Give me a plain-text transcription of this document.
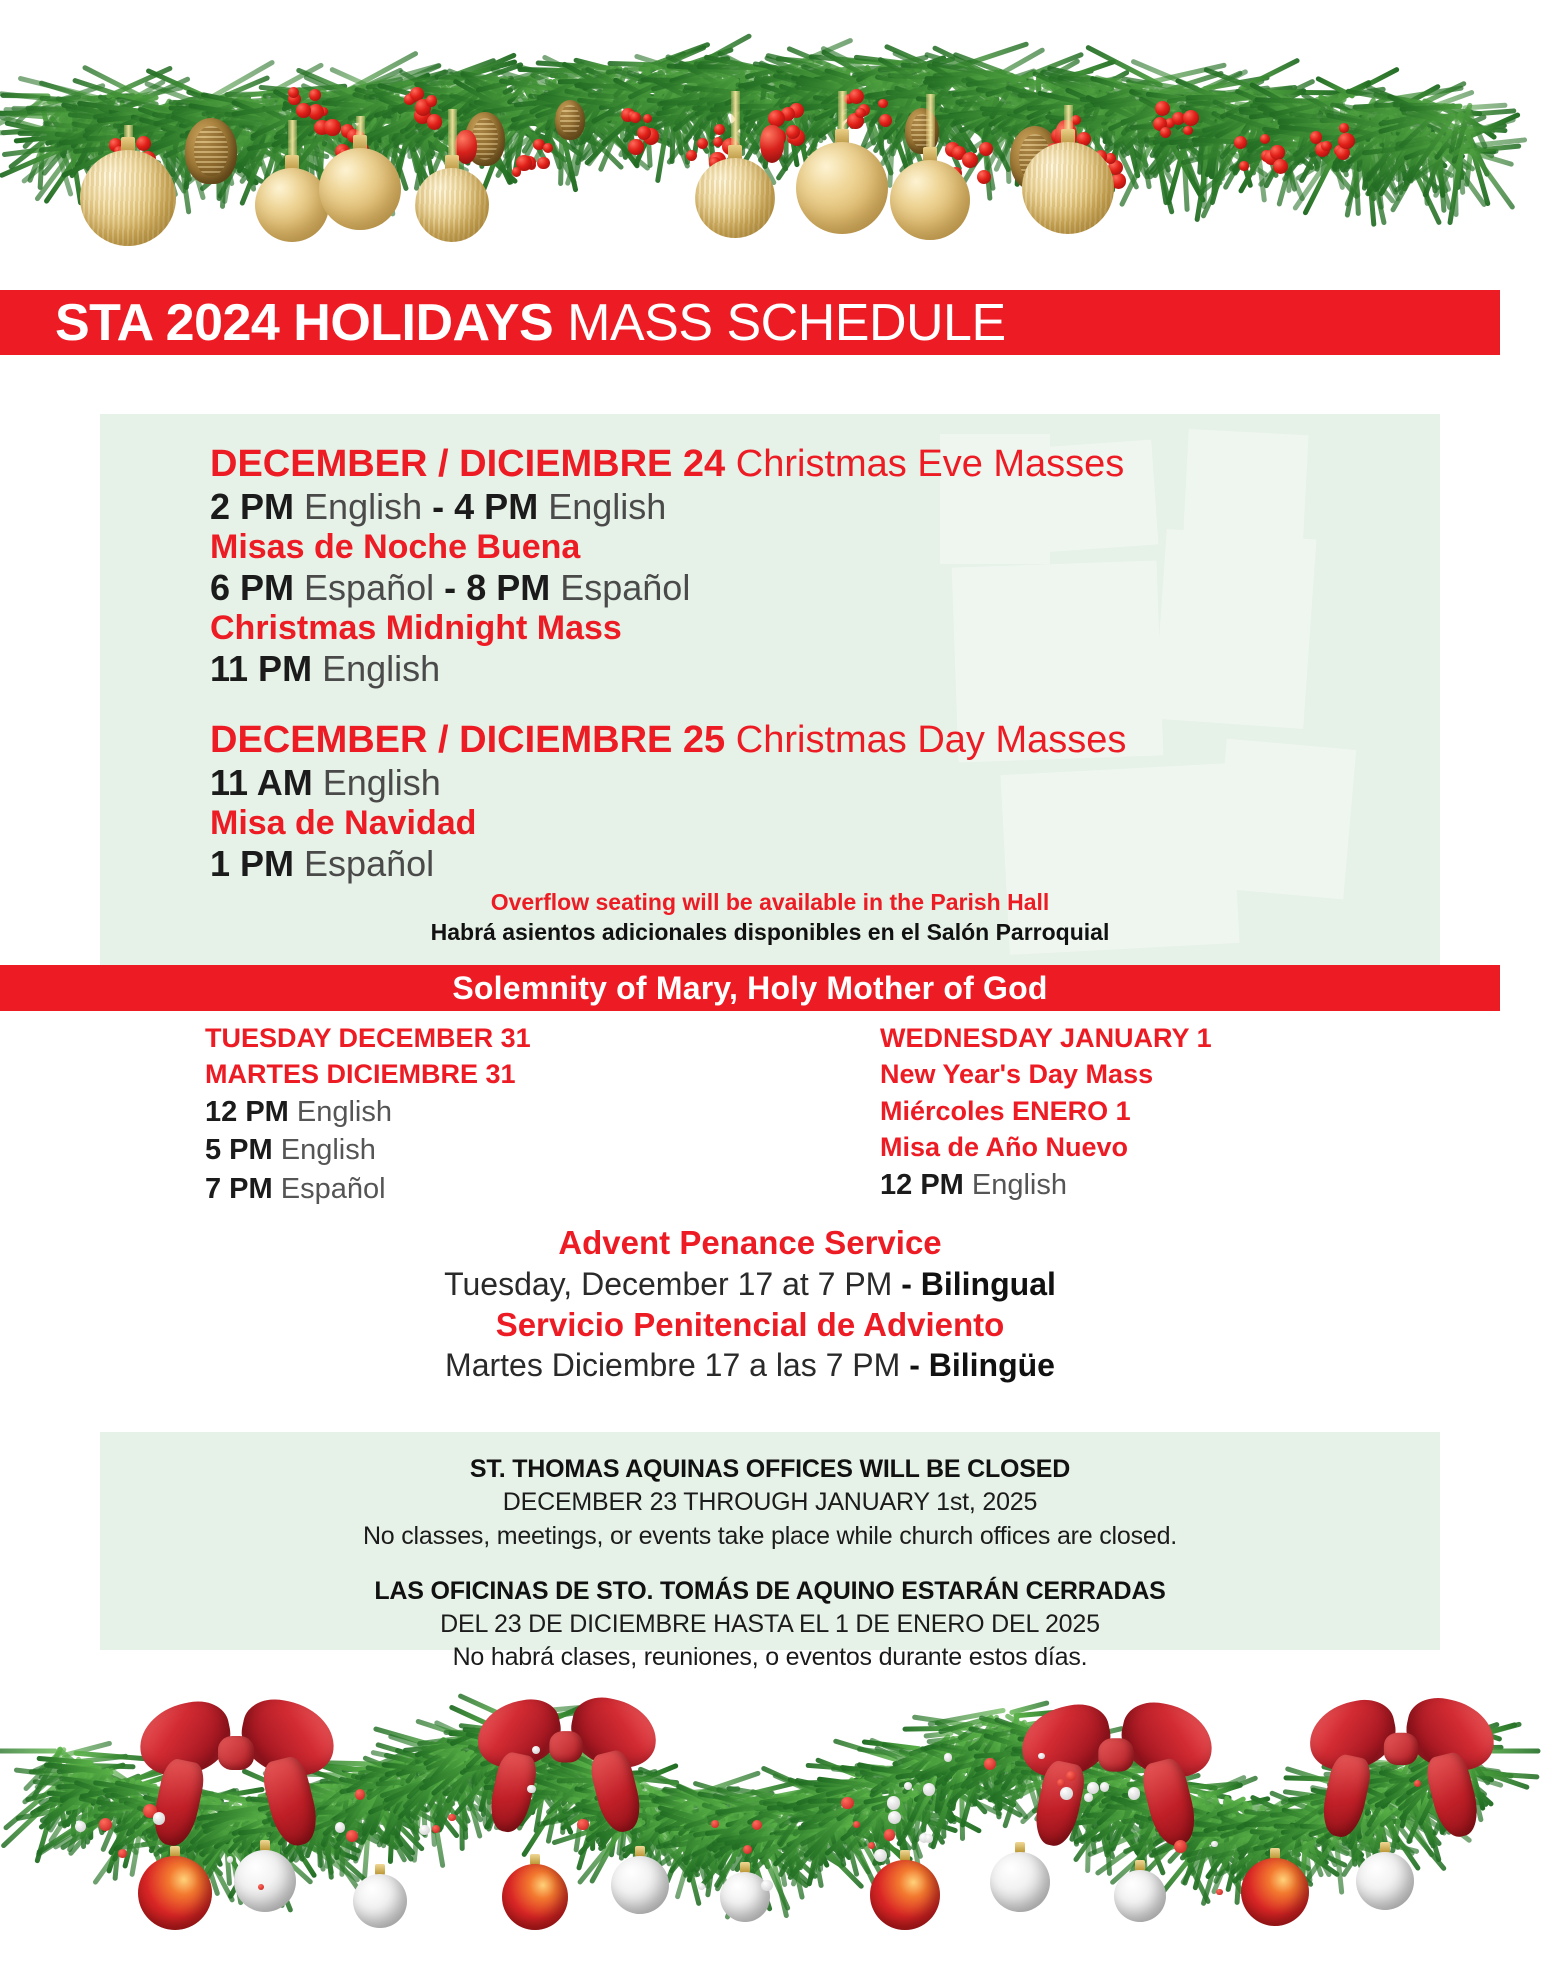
STA 2024 HOLIDAYS MASS SCHEDULE
DECEMBER / DICIEMBRE 24 Christmas Eve Masses
2 PM English - 4 PM English
Misas de Noche Buena
6 PM Español - 8 PM Español
Christmas Midnight Mass
11 PM English
DECEMBER / DICIEMBRE 25 Christmas Day Masses
11 AM English
Misa de Navidad
1 PM Español
Overflow seating will be available in the Parish Hall
Habrá asientos adicionales disponibles en el Salón Parroquial
Solemnity of Mary, Holy Mother of God
TUESDAY DECEMBER 31
MARTES DICIEMBRE 31
12 PM English
5 PM English
7 PM Español
WEDNESDAY JANUARY 1
New Year's Day Mass
Miércoles ENERO 1
Misa de Año Nuevo
12 PM English
Advent Penance Service
Tuesday, December 17 at 7 PM - Bilingual
Servicio Penitencial de Adviento
Martes Diciembre 17 a las 7 PM - Bilingüe
ST. THOMAS AQUINAS OFFICES WILL BE CLOSED
DECEMBER 23 THROUGH JANUARY 1st, 2025
No classes, meetings, or events take place while church offices are closed.
LAS OFICINAS DE STO. TOMÁS DE AQUINO ESTARÁN CERRADAS
DEL 23 DE DICIEMBRE HASTA EL 1 DE ENERO DEL 2025
No habrá clases, reuniones, o eventos durante estos días.
